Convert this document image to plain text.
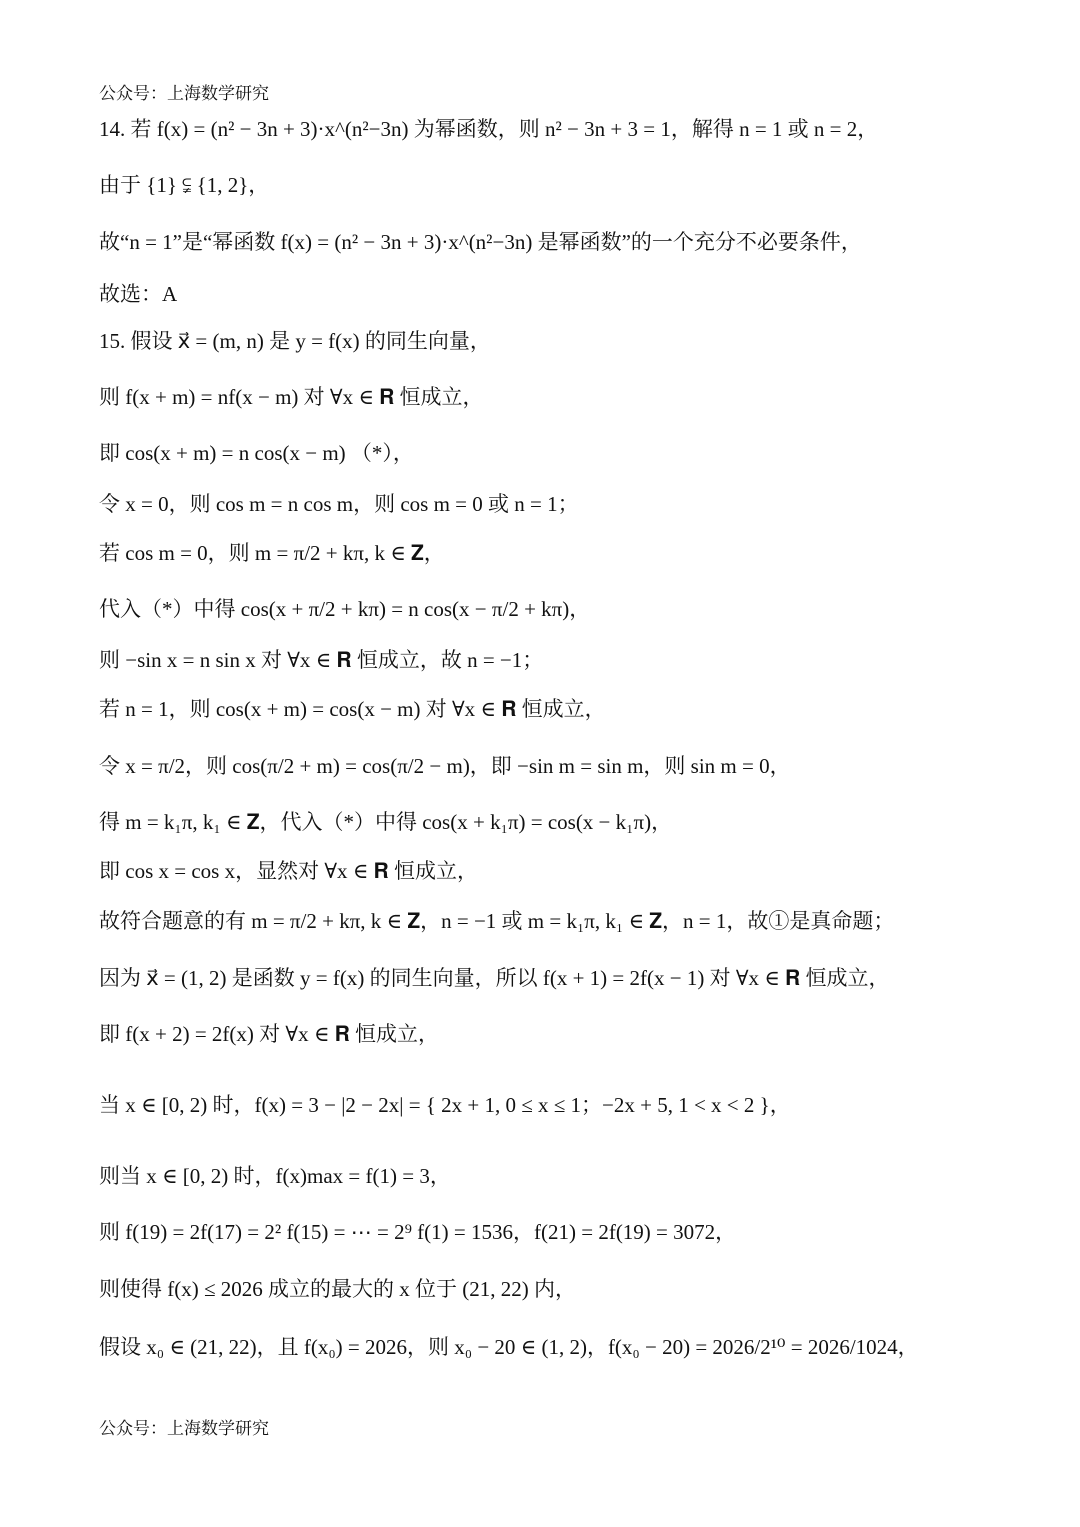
公众号：上海数学研究
14. 若 f(x) = (n² − 3n + 3)·x^(n²−3n) 为幂函数，则 n² − 3n + 3 = 1，解得 n = 1 或 n = 2，
由于 {1} ⫋ {1, 2}，
故“n = 1”是“幂函数 f(x) = (n² − 3n + 3)·x^(n²−3n) 是幂函数”的一个充分不必要条件，
故选：A
15. 假设 x⃗ = (m, n) 是 y = f(x) 的同生向量，
则 f(x + m) = nf(x − m) 对 ∀x ∈ 𝐑 恒成立，
即 cos(x + m) = n cos(x − m) （*），
令 x = 0，则 cos m = n cos m，则 cos m = 0 或 n = 1；
若 cos m = 0，则 m = π/2 + kπ, k ∈ 𝐙，
代入（*）中得 cos(x + π/2 + kπ) = n cos(x − π/2 + kπ)，
则 −sin x = n sin x 对 ∀x ∈ 𝐑 恒成立，故 n = −1；
若 n = 1，则 cos(x + m) = cos(x − m) 对 ∀x ∈ 𝐑 恒成立，
令 x = π/2，则 cos(π/2 + m) = cos(π/2 − m)，即 −sin m = sin m，则 sin m = 0，
得 m = k₁π, k₁ ∈ 𝐙，代入（*）中得 cos(x + k₁π) = cos(x − k₁π)，
即 cos x = cos x，显然对 ∀x ∈ 𝐑 恒成立，
故符合题意的有 m = π/2 + kπ, k ∈ 𝐙，n = −1 或 m = k₁π, k₁ ∈ 𝐙，n = 1，故①是真命题；
因为 x⃗ = (1, 2) 是函数 y = f(x) 的同生向量，所以 f(x + 1) = 2f(x − 1) 对 ∀x ∈ 𝐑 恒成立，
即 f(x + 2) = 2f(x) 对 ∀x ∈ 𝐑 恒成立，
当 x ∈ [0, 2) 时，f(x) = 3 − |2 − 2x| = { 2x + 1, 0 ≤ x ≤ 1；−2x + 5, 1 < x < 2 }，
则当 x ∈ [0, 2) 时，f(x)max = f(1) = 3，
则 f(19) = 2f(17) = 2² f(15) = ⋯ = 2⁹ f(1) = 1536，f(21) = 2f(19) = 3072，
则使得 f(x) ≤ 2026 成立的最大的 x 位于 (21, 22) 内，
假设 x₀ ∈ (21, 22)，且 f(x₀) = 2026，则 x₀ − 20 ∈ (1, 2)，f(x₀ − 20) = 2026/2¹⁰ = 2026/1024，
公众号：上海数学研究
